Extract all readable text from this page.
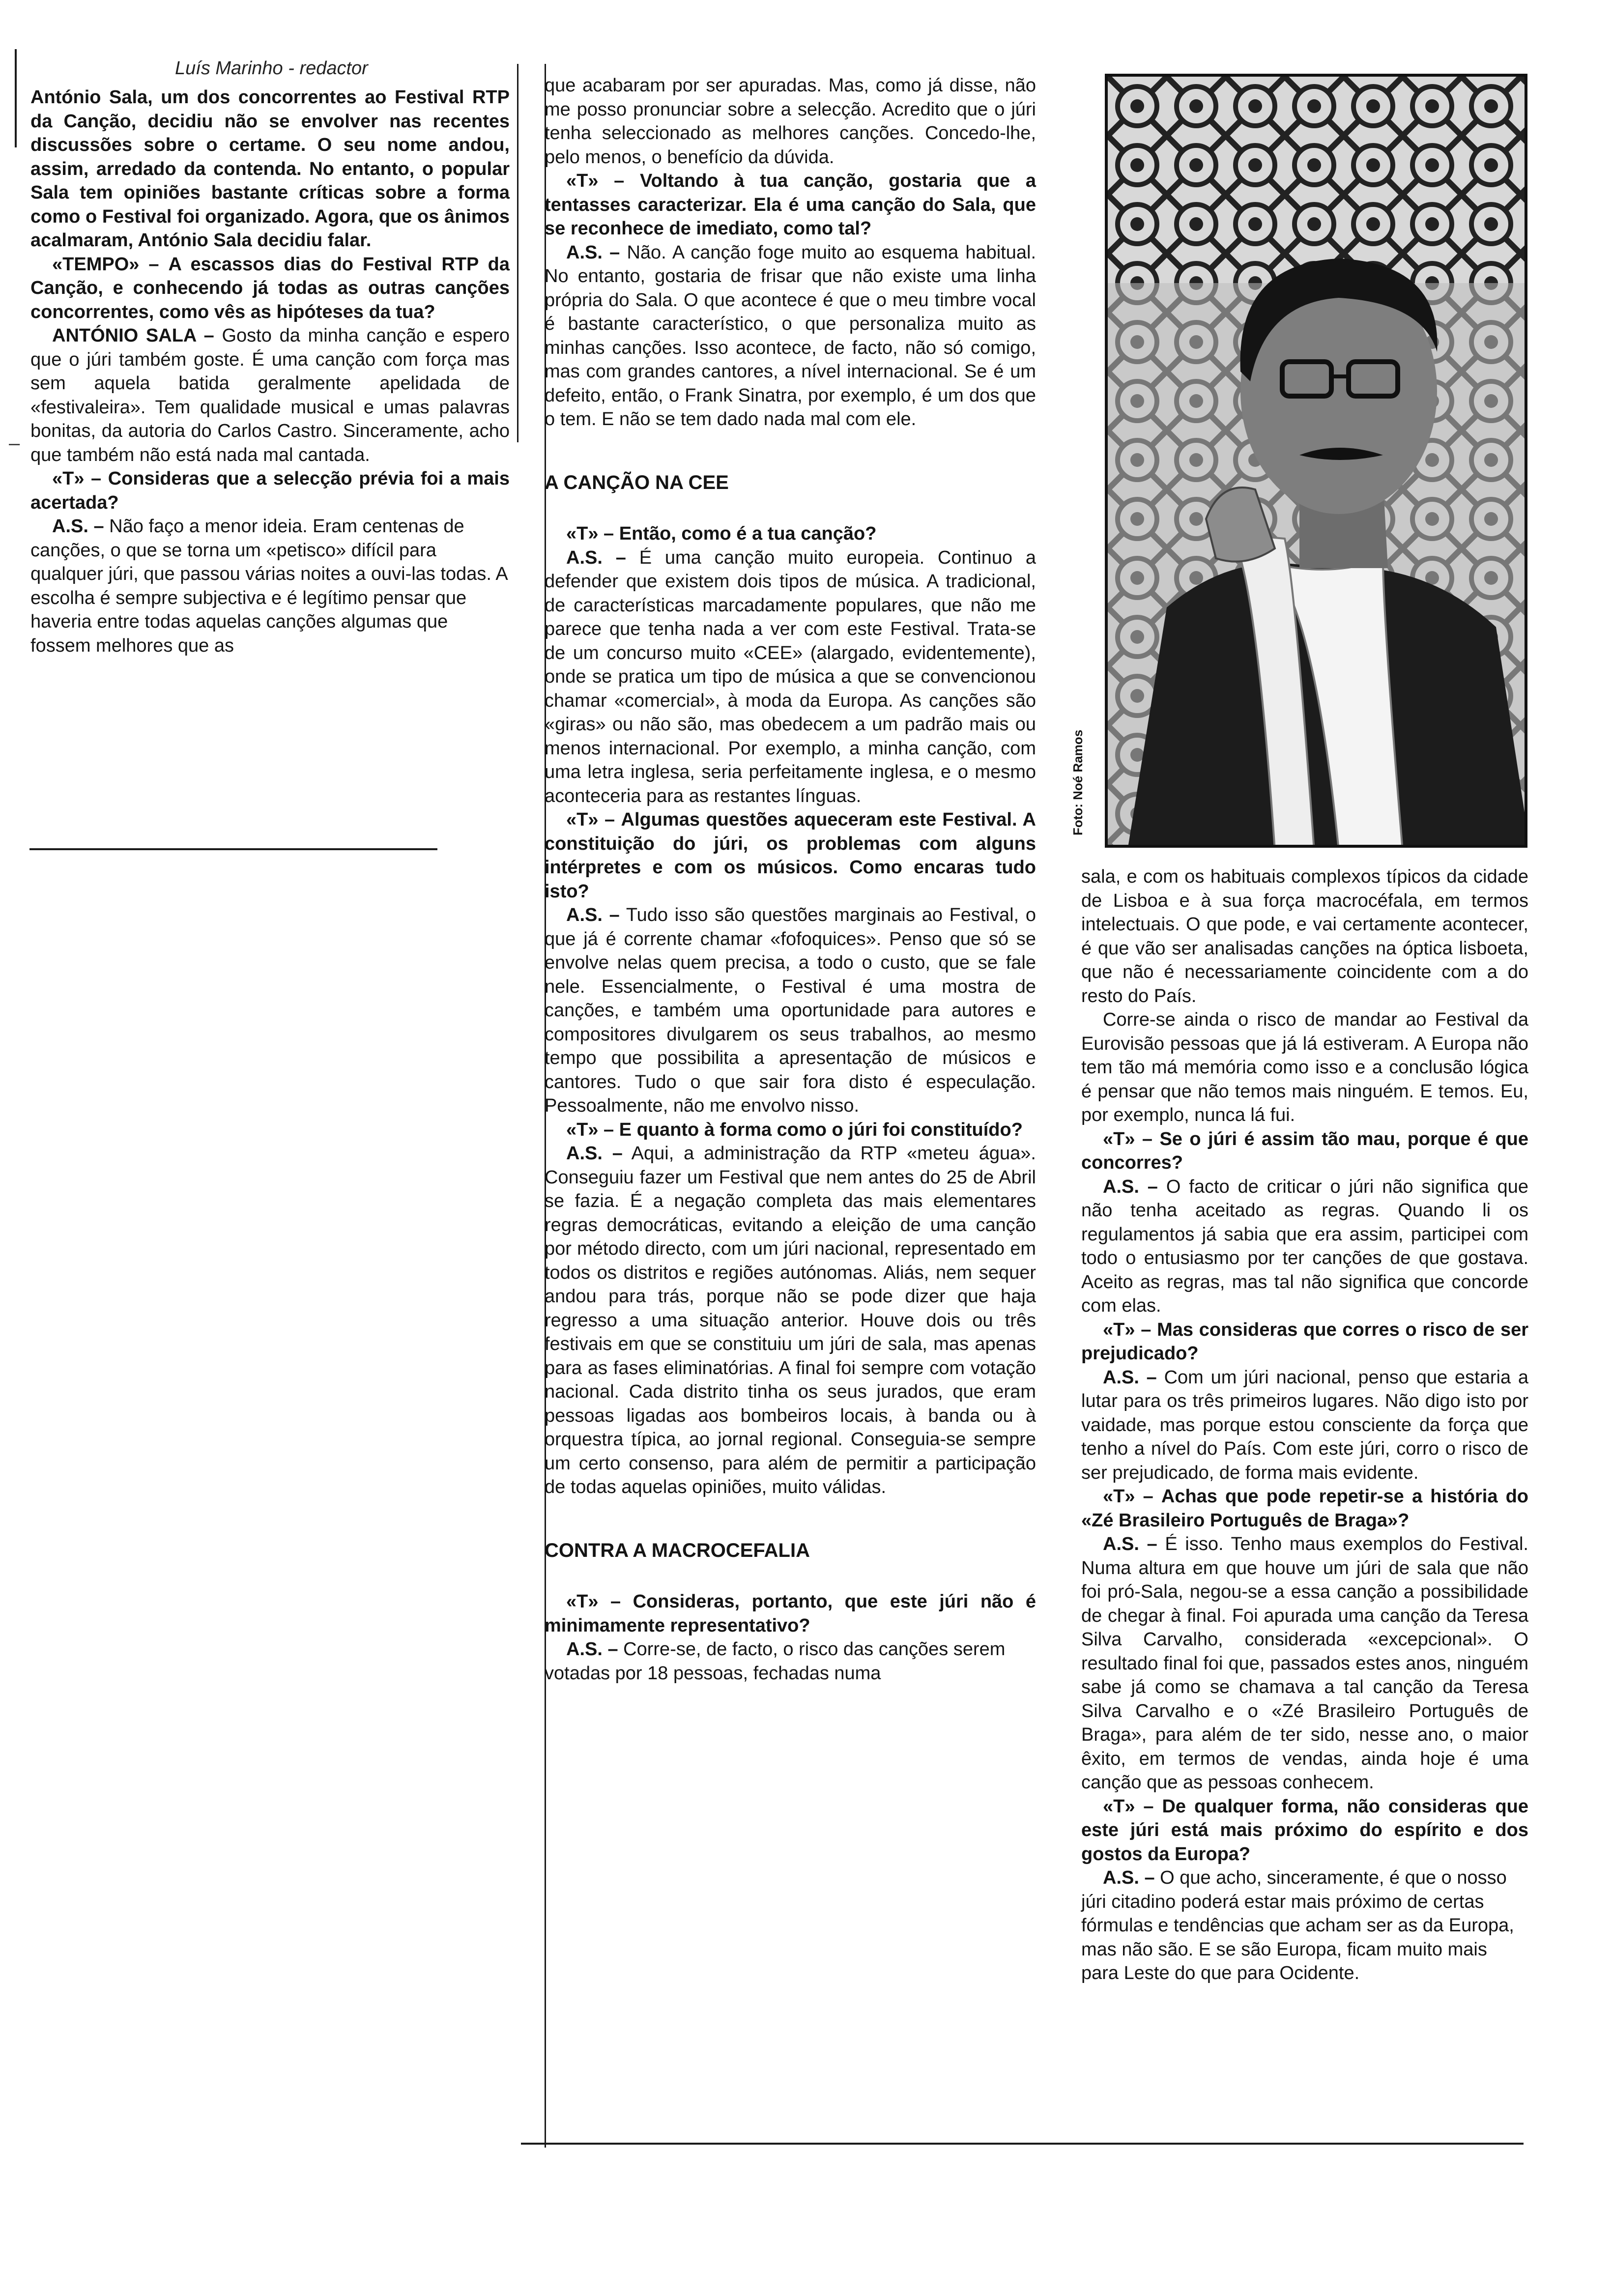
Luís Marinho - redactor
–

António Sala, um dos concorrentes ao Festival RTP da Canção, decidiu não se envolver nas recentes discussões sobre o certame. O seu nome andou, assim, arredado da contenda. No entanto, o popular Sala tem opiniões bastante críticas sobre a forma como o Festival foi organizado. Agora, que os ânimos acalmaram, António Sala decidiu falar.

«TEMPO» – A escassos dias do Festival RTP da Canção, e conhecendo já todas as outras canções concorrentes, como vês as hipóteses da tua?

ANTÓNIO SALA – Gosto da minha canção e espero que o júri também goste. É uma canção com força mas sem aquela batida geralmente apelidada de «festivaleira». Tem qualidade musical e umas palavras bonitas, da autoria do Carlos Castro. Sinceramente, acho que também não está nada mal cantada.

«T» – Consideras que a selecção prévia foi a mais acertada?

A.S. – Não faço a menor ideia. Eram centenas de canções, o que se torna um «petisco» difícil para qualquer júri, que passou várias noites a ouvi-las todas. A escolha é sempre subjectiva e é legítimo pensar que haveria entre todas aquelas canções algumas que fossem melhores que as

que acabaram por ser apuradas. Mas, como já disse, não me posso pronunciar sobre a selecção. Acredito que o júri tenha seleccionado as melhores canções. Concedo-lhe, pelo menos, o benefício da dúvida.

«T» – Voltando à tua canção, gostaria que a tentasses caracterizar. Ela é uma canção do Sala, que se reconhece de imediato, como tal?

A.S. – Não. A canção foge muito ao esquema habitual. No entanto, gostaria de frisar que não existe uma linha própria do Sala. O que acontece é que o meu timbre vocal é bastante característico, o que personaliza muito as minhas canções. Isso acontece, de facto, não só comigo, mas com grandes cantores, a nível internacional. Se é um defeito, então, o Frank Sinatra, por exemplo, é um dos que o tem. E não se tem dado nada mal com ele.

A CANÇÃO NA CEE

«T» – Então, como é a tua canção?

A.S. – É uma canção muito europeia. Continuo a defender que existem dois tipos de música. A tradicional, de características marcadamente populares, que não me parece que tenha nada a ver com este Festival. Trata-se de um concurso muito «CEE» (alargado, evidentemente), onde se pratica um tipo de música a que se convencionou chamar «comercial», à moda da Europa. As canções são «giras» ou não são, mas obedecem a um padrão mais ou menos internacional. Por exemplo, a minha canção, com uma letra inglesa, seria perfeitamente inglesa, e o mesmo aconteceria para as restantes línguas.

«T» – Algumas questões aqueceram este Festival. A constituição do júri, os problemas com alguns intérpretes e com os músicos. Como encaras tudo isto?

A.S. – Tudo isso são questões marginais ao Festival, o que já é corrente chamar «fofoquices». Penso que só se envolve nelas quem precisa, a todo o custo, que se fale nele. Essencialmente, o Festival é uma mostra de canções, e também uma oportunidade para autores e compositores divulgarem os seus trabalhos, ao mesmo tempo que possibilita a apresentação de músicos e cantores. Tudo o que sair fora disto é especulação. Pessoalmente, não me envolvo nisso.

«T» – E quanto à forma como o júri foi constituído?

A.S. – Aqui, a administração da RTP «meteu água». Conseguiu fazer um Festival que nem antes do 25 de Abril se fazia. É a negação completa das mais elementares regras democráticas, evitando a eleição de uma canção por método directo, com um júri nacional, representado em todos os distritos e regiões autónomas. Aliás, nem sequer andou para trás, porque não se pode dizer que haja regresso a uma situação anterior. Houve dois ou três festivais em que se constituiu um júri de sala, mas apenas para as fases eliminatórias. A final foi sempre com votação nacional. Cada distrito tinha os seus jurados, que eram pessoas ligadas aos bombeiros locais, à banda ou à orquestra típica, ao jornal regional. Conseguia-se sempre um certo consenso, para além de permitir a participação de todas aquelas opiniões, muito válidas.

CONTRA A MACROCEFALIA

«T» – Consideras, portanto, que este júri não é minimamente representativo?

A.S. – Corre-se, de facto, o risco das canções serem votadas por 18 pessoas, fechadas numa

Foto: Noé Ramos

sala, e com os habituais complexos típicos da cidade de Lisboa e à sua força macrocéfala, em termos intelectuais. O que pode, e vai certamente acontecer, é que vão ser analisadas canções na óptica lisboeta, que não é necessariamente coincidente com a do resto do País.

Corre-se ainda o risco de mandar ao Festival da Eurovisão pessoas que já lá estiveram. A Europa não tem tão má memória como isso e a conclusão lógica é pensar que não temos mais ninguém. E temos. Eu, por exemplo, nunca lá fui.

«T» – Se o júri é assim tão mau, porque é que concorres?

A.S. – O facto de criticar o júri não significa que não tenha aceitado as regras. Quando li os regulamentos já sabia que era assim, participei com todo o entusiasmo por ter canções de que gostava. Aceito as regras, mas tal não significa que concorde com elas.

«T» – Mas consideras que corres o risco de ser prejudicado?

A.S. – Com um júri nacional, penso que estaria a lutar para os três primeiros lugares. Não digo isto por vaidade, mas porque estou consciente da força que tenho a nível do País. Com este júri, corro o risco de ser prejudicado, de forma mais evidente.

«T» – Achas que pode repetir-se a história do «Zé Brasileiro Português de Braga»?

A.S. – É isso. Tenho maus exemplos do Festival. Numa altura em que houve um júri de sala que não foi pró-Sala, negou-se a essa canção a possibilidade de chegar à final. Foi apurada uma canção da Teresa Silva Carvalho, considerada «excepcional». O resultado final foi que, passados estes anos, ninguém sabe já como se chamava a tal canção da Teresa Silva Carvalho e o «Zé Brasileiro Português de Braga», para além de ter sido, nesse ano, o maior êxito, em termos de vendas, ainda hoje é uma canção que as pessoas conhecem.

«T» – De qualquer forma, não consideras que este júri está mais próximo do espírito e dos gostos da Europa?

A.S. – O que acho, sinceramente, é que o nosso júri citadino poderá estar mais próximo de certas fórmulas e tendências que acham ser as da Europa, mas não são. E se são Europa, ficam muito mais para Leste do que para Ocidente.
